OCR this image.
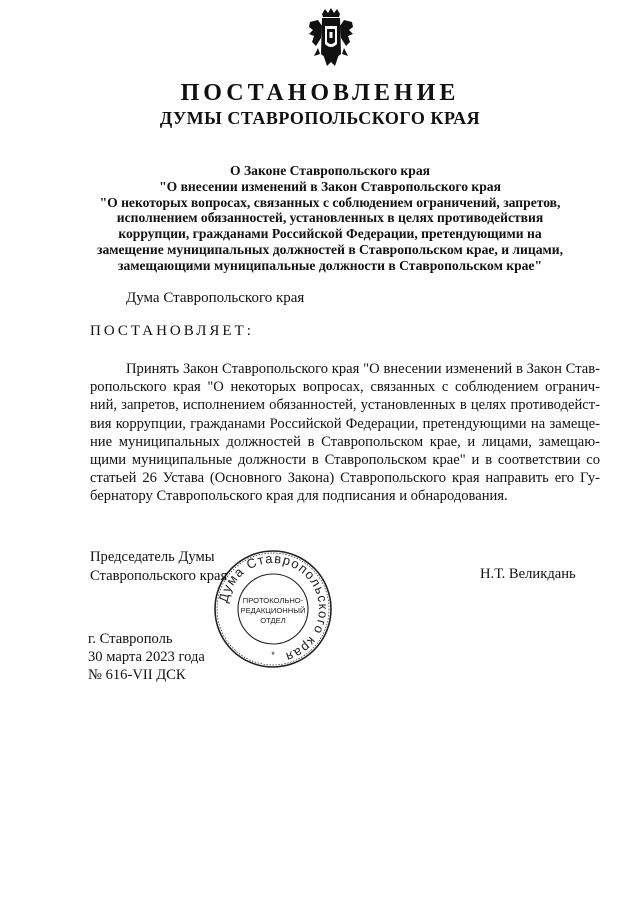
ПОСТАНОВЛЕНИЕ
ДУМЫ СТАВРОПОЛЬСКОГО КРАЯ
О Законе Ставропольского края
"О внесении изменений в Закон Ставропольского края
"О некоторых вопросах, связанных с соблюдением ограничений, запретов,
исполнением обязанностей, установленных в целях противодействия
коррупции, гражданами Российской Федерации, претендующими на
замещение муниципальных должностей в Ставропольском крае, и лицами,
замещающими муниципальные должности в Ставропольском крае"
Дума Ставропольского края
ПОСТАНОВЛЯЕТ:
Принять Закон Ставропольского края "О внесении изменений в Закон Став-
ропольского края "О некоторых вопросах, связанных с соблюдением огранич-
ний, запретов, исполнением обязанностей, установленных в целях противодейст-
вия коррупции, гражданами Российской Федерации, претендующими на замеще-
ние муниципальных должностей в Ставропольском крае, и лицами, замещаю-
щими муниципальные должности в Ставропольском крае" и в соответствии со
статьей 26 Устава (Основного Закона) Ставропольского края направить его Гу-
бернатору Ставропольского края для подписания и обнародования.
Председатель Думы
Ставропольского края	Н.Т. Великдань
Дума Ставропольского края
ПРОТОКОЛЬНО-
РЕДАКЦИОННЫЙ
ОТДЕЛ
*
г. Ставрополь
30 марта 2023 года
№ 616-VII ДСК
